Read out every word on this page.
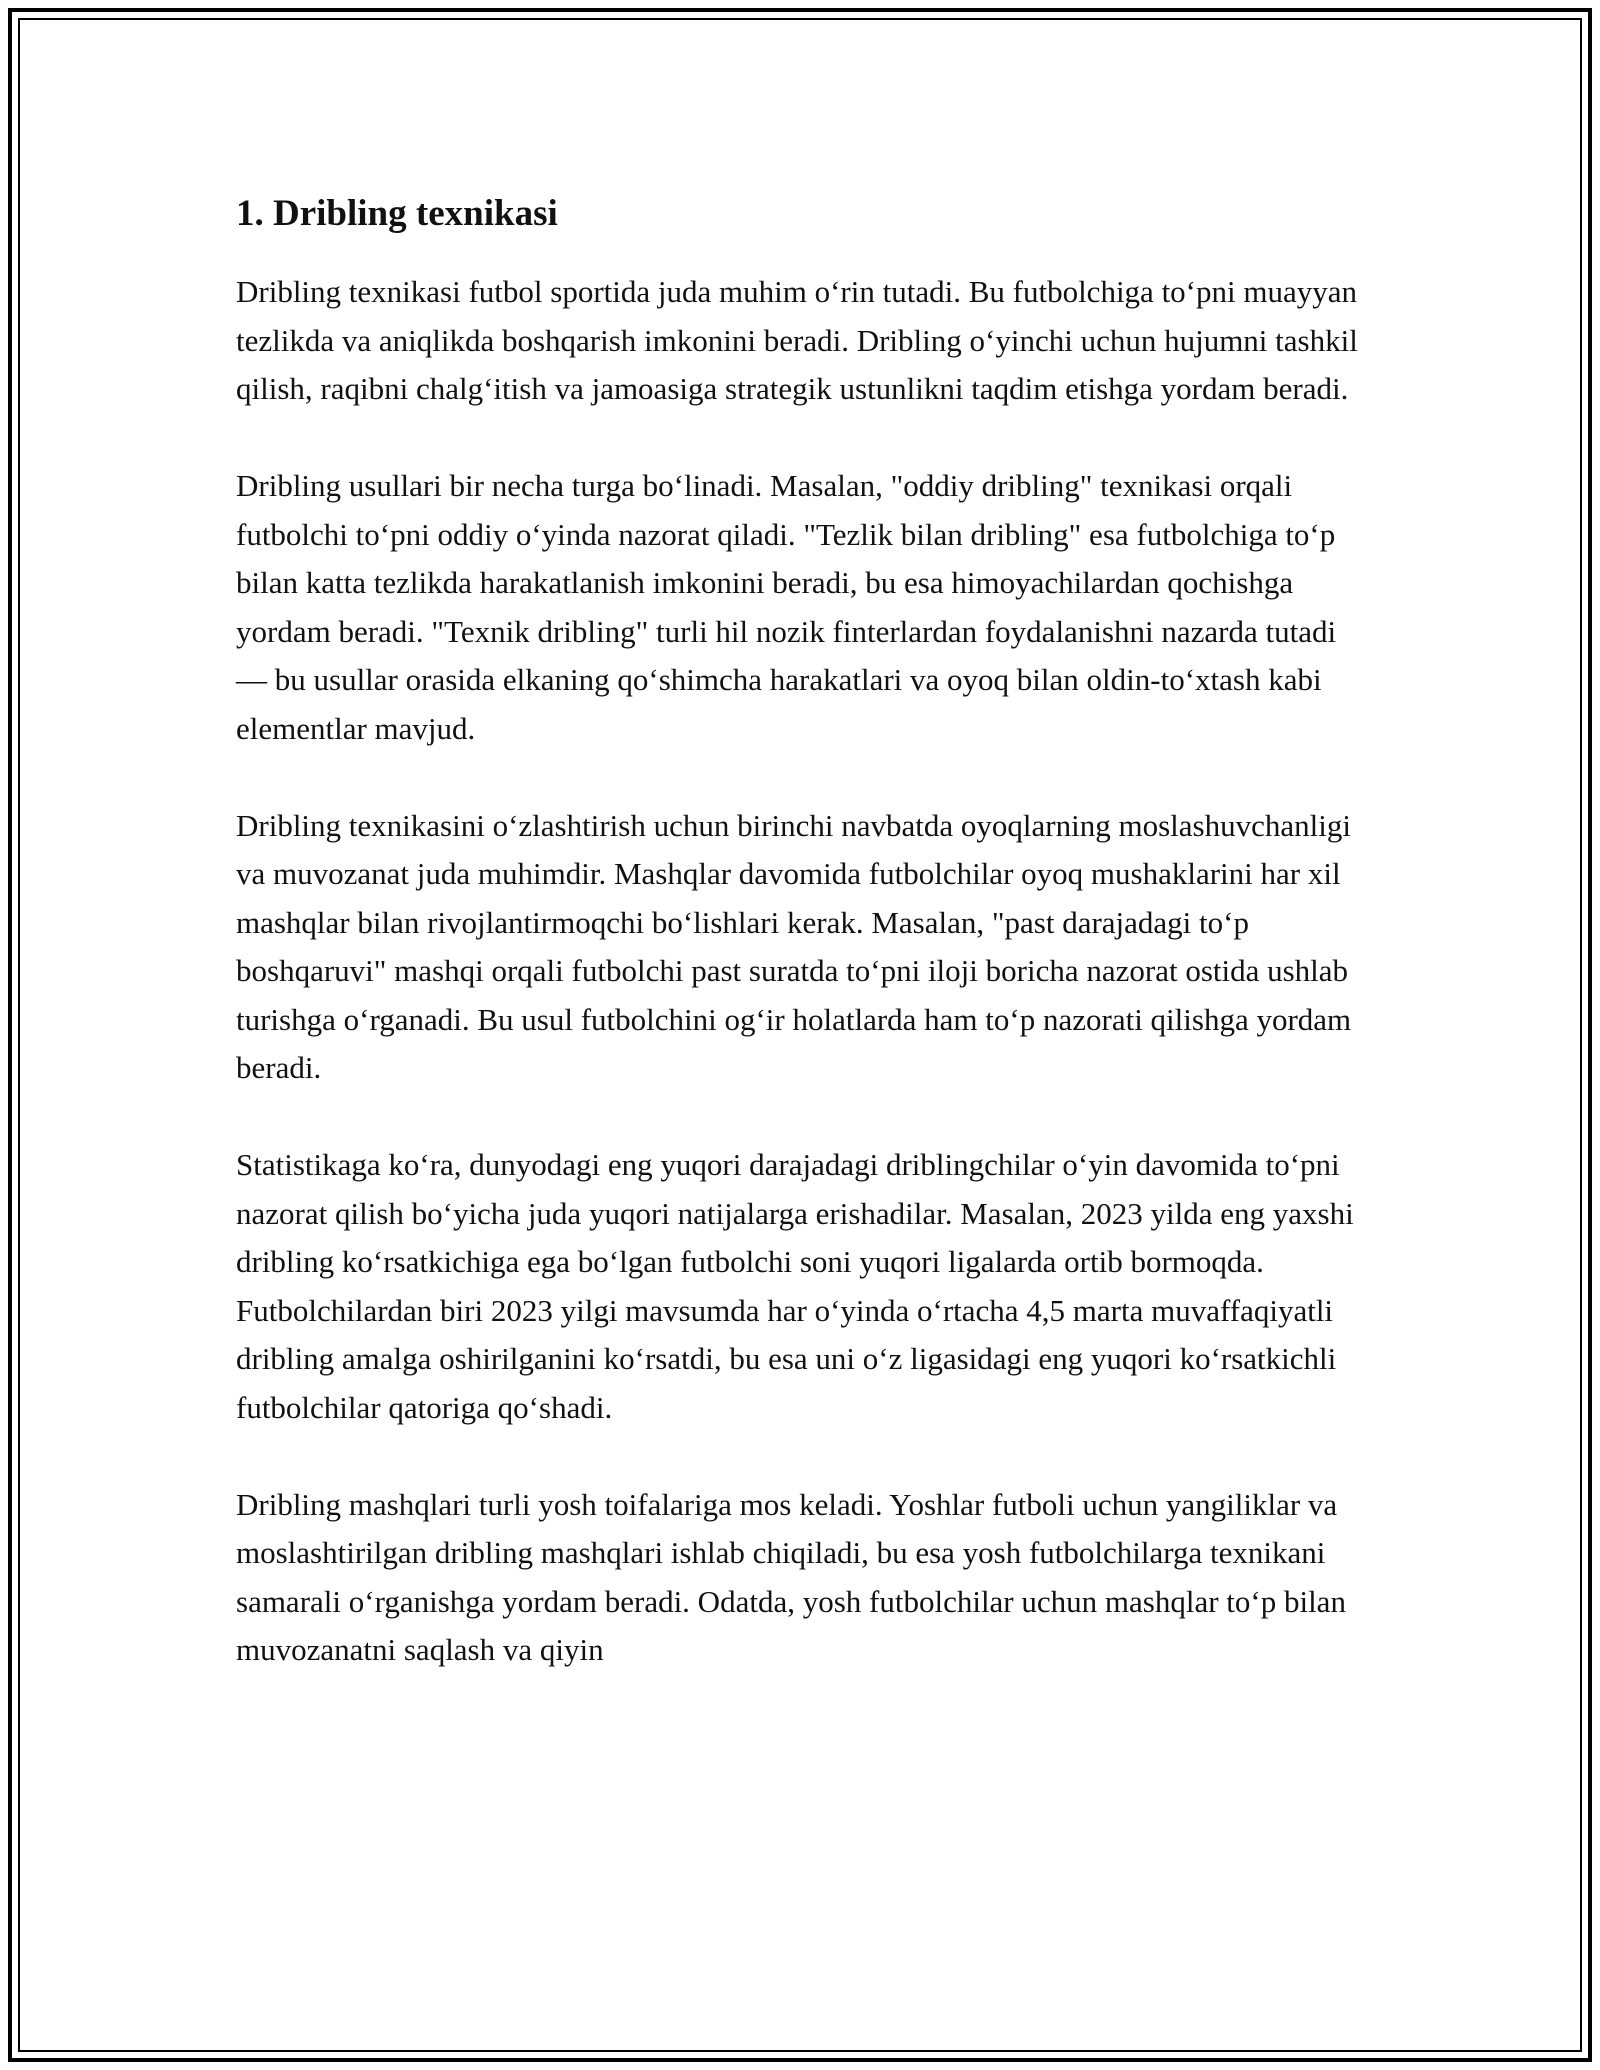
1. Dribling texnikasi

Dribling texnikasi futbol sportida juda muhim o‘rin tutadi. Bu futbolchiga to‘pni muayyan tezlikda va aniqlikda boshqarish imkonini beradi. Dribling o‘yinchi uchun hujumni tashkil qilish, raqibni chalg‘itish va jamoasiga strategik ustunlikni taqdim etishga yordam beradi.

Dribling usullari bir necha turga bo‘linadi. Masalan, "oddiy dribling" texnikasi orqali futbolchi to‘pni oddiy o‘yinda nazorat qiladi. "Tezlik bilan dribling" esa futbolchiga to‘p bilan katta tezlikda harakatlanish imkonini beradi, bu esa himoyachilardan qochishga yordam beradi. "Texnik dribling" turli hil nozik finterlardan foydalanishni nazarda tutadi — bu usullar orasida elkaning qo‘shimcha harakatlari va oyoq bilan oldin-to‘xtash kabi elementlar mavjud.

Dribling texnikasini o‘zlashtirish uchun birinchi navbatda oyoqlarning moslashuvchanligi va muvozanat juda muhimdir. Mashqlar davomida futbolchilar oyoq mushaklarini har xil mashqlar bilan rivojlantirmoqchi bo‘lishlari kerak. Masalan, "past darajadagi to‘p boshqaruvi" mashqi orqali futbolchi past suratda to‘pni iloji boricha nazorat ostida ushlab turishga o‘rganadi. Bu usul futbolchini og‘ir holatlarda ham to‘p nazorati qilishga yordam beradi.

Statistikaga ko‘ra, dunyodagi eng yuqori darajadagi driblingchilar o‘yin davomida to‘pni nazorat qilish bo‘yicha juda yuqori natijalarga erishadilar. Masalan, 2023 yilda eng yaxshi dribling ko‘rsatkichiga ega bo‘lgan futbolchi soni yuqori ligalarda ortib bormoqda. Futbolchilardan biri 2023 yilgi mavsumda har o‘yinda o‘rtacha 4,5 marta muvaffaqiyatli dribling amalga oshirilganini ko‘rsatdi, bu esa uni o‘z ligasidagi eng yuqori ko‘rsatkichli futbolchilar qatoriga qo‘shadi.

Dribling mashqlari turli yosh toifalariga mos keladi. Yoshlar futboli uchun yangiliklar va moslashtirilgan dribling mashqlari ishlab chiqiladi, bu esa yosh futbolchilarga texnikani samarali o‘rganishga yordam beradi. Odatda, yosh futbolchilar uchun mashqlar to‘p bilan muvozanatni saqlash va qiyin
